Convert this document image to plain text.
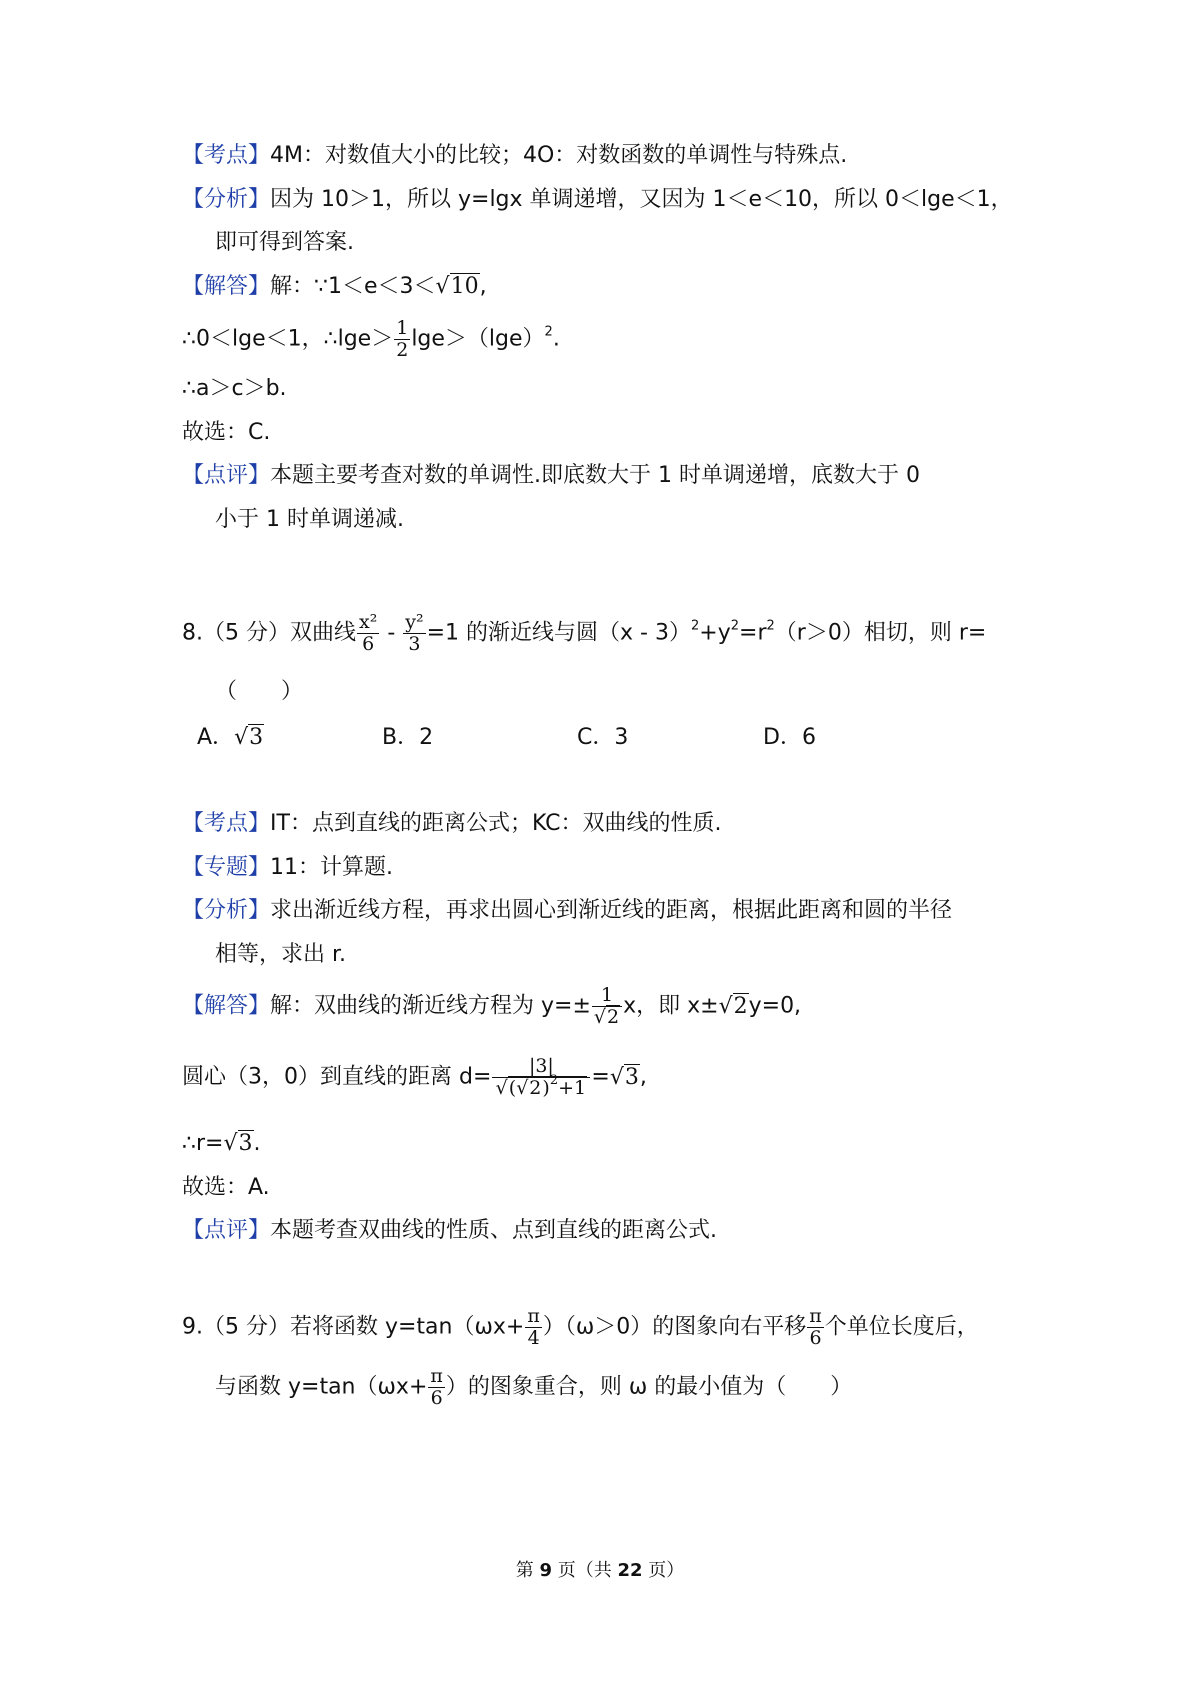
【考点】4M：对数值大小的比较；4O：对数函数的单调性与特殊点.
【分析】因为 10＞1，所以 y=lgx 单调递增，又因为 1＜e＜10，所以 0＜lge＜1，
即可得到答案.
【解答】解：∵1＜e＜3＜√10,
∴0＜lge＜1，∴lge＞ $\frac{1}{2} \lg e>(\lg e)^2$.
∴a＞c＞b.
故选：C.
【点评】本题主要考查对数的单调性.即底数大于 1 时单调递增，底数大于 0
小于 1 时单调递减.
8.（5 分）双曲线 $\frac{\text{x²}}{6} - \frac{\text{y²}}{3} =1$ 的渐近线与圆$(x - 3)^2+y^2=r^2(r>0)$相切，则 r=
（　　）
A．√3	B．2	C．3	D．6
【考点】IT：点到直线的距离公式；KC：双曲线的性质.
【专题】11：计算题.
【分析】求出渐近线方程，再求出圆心到渐近线的距离，根据此距离和圆的半径
相等，求出 r.
【解答】解：双曲线的渐近线方程为 $y=\pm \frac{1}{√2}$ x，即 x±√2y=0,
圆心（3，0）到直线的距离 $d= \frac{|3|}{√(√2)^2+1} =√3$,
∴r=√3.
故选：A.
【点评】本题考查双曲线的性质、点到直线的距离公式.
9.（5 分）若将函数 $y=\tan(\omega x+ \frac{\pi}{4} )(\omega>0)$的图象向右平移 $\frac{\pi}{6}$ 个单位长度后，
与函数 $y=\tan(\omega x+ \frac{\pi}{6}$ ）的图象重合，则 ω 的最小值为（　　）
第 9 页（共 22 页）
